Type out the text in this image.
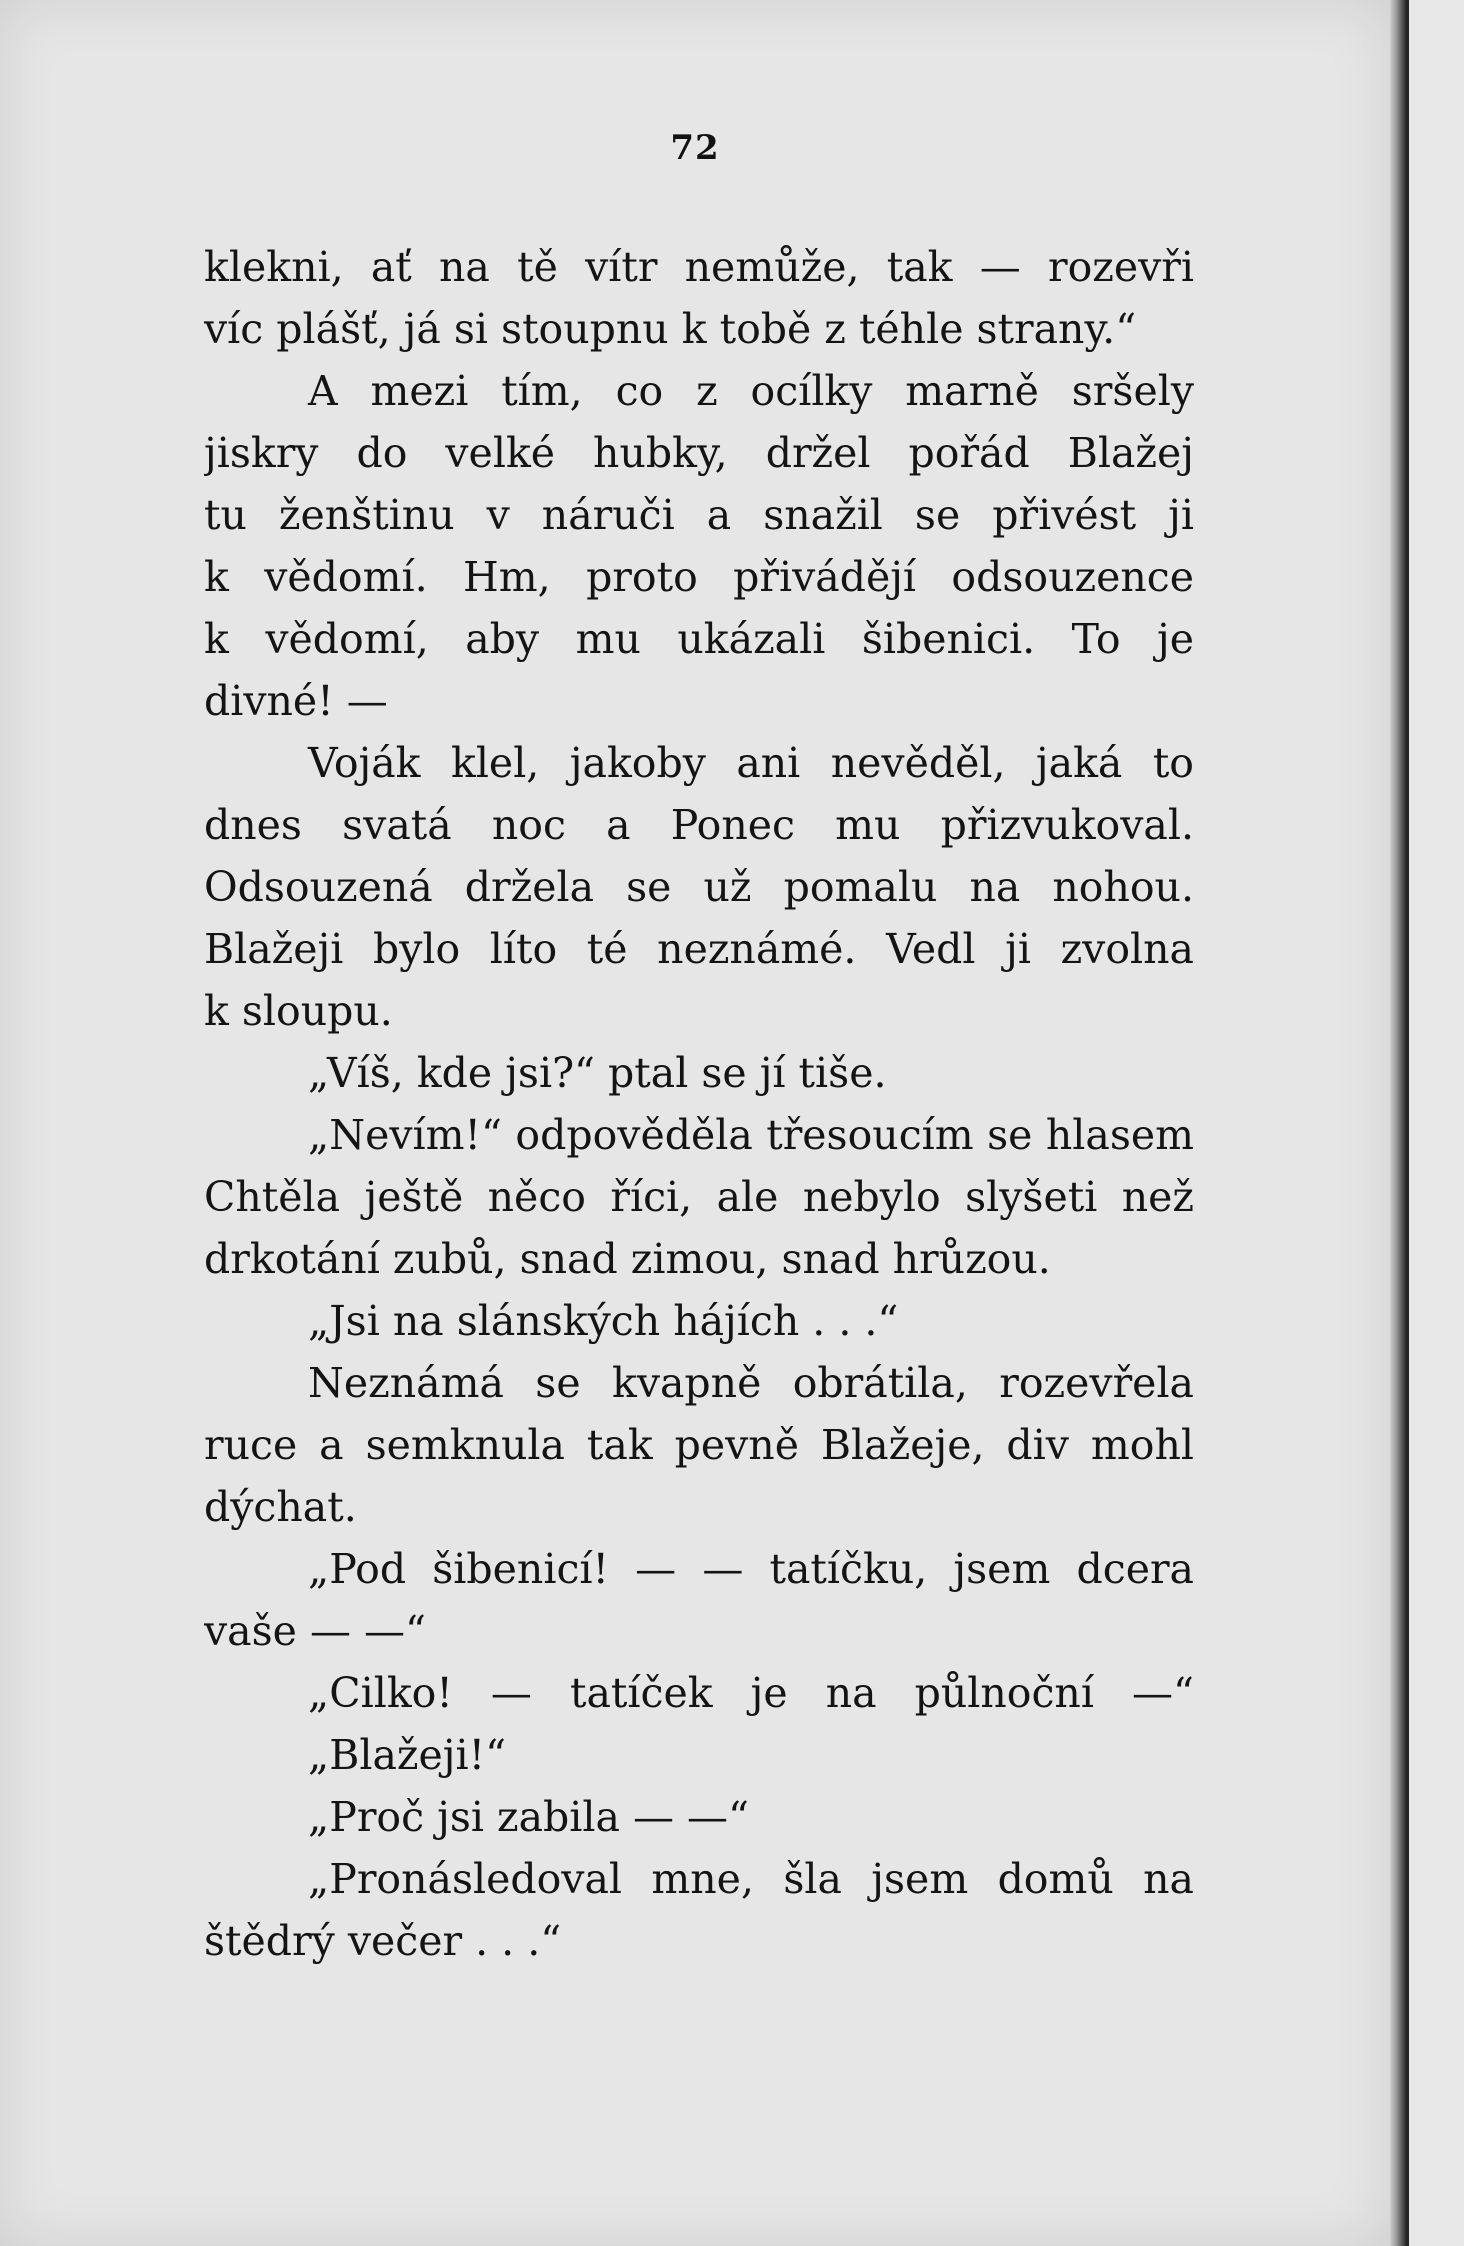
72
klekni, ať na tě vítr nemůže, tak — rozevři
víc plášť, já si stoupnu k tobě z téhle strany.“
A mezi tím, co z ocílky marně sršely
jiskry do velké hubky, držel pořád Blažej
tu ženštinu v náruči a snažil se přivést ji
k vědomí. Hm, proto přivádějí odsouzence
k vědomí, aby mu ukázali šibenici. To je
divné! —
Voják klel, jakoby ani nevěděl, jaká to
dnes svatá noc a Ponec mu přizvukoval.
Odsouzená držela se už pomalu na nohou.
Blažeji bylo líto té neznámé. Vedl ji zvolna
k sloupu.
„Víš, kde jsi?“ ptal se jí tiše.
„Nevím!“ odpověděla třesoucím se hlasem
Chtěla ještě něco říci, ale nebylo slyšeti než
drkotání zubů, snad zimou, snad hrůzou.
„Jsi na slánských hájích . . .“
Neznámá se kvapně obrátila, rozevřela
ruce a semknula tak pevně Blažeje, div mohl
dýchat.
„Pod šibenicí! — — tatíčku, jsem dcera
vaše — —“
„Cilko! — tatíček je na půlnoční —“
„Blažeji!“
„Proč jsi zabila — —“
„Pronásledoval mne, šla jsem domů na
štědrý večer . . .“
